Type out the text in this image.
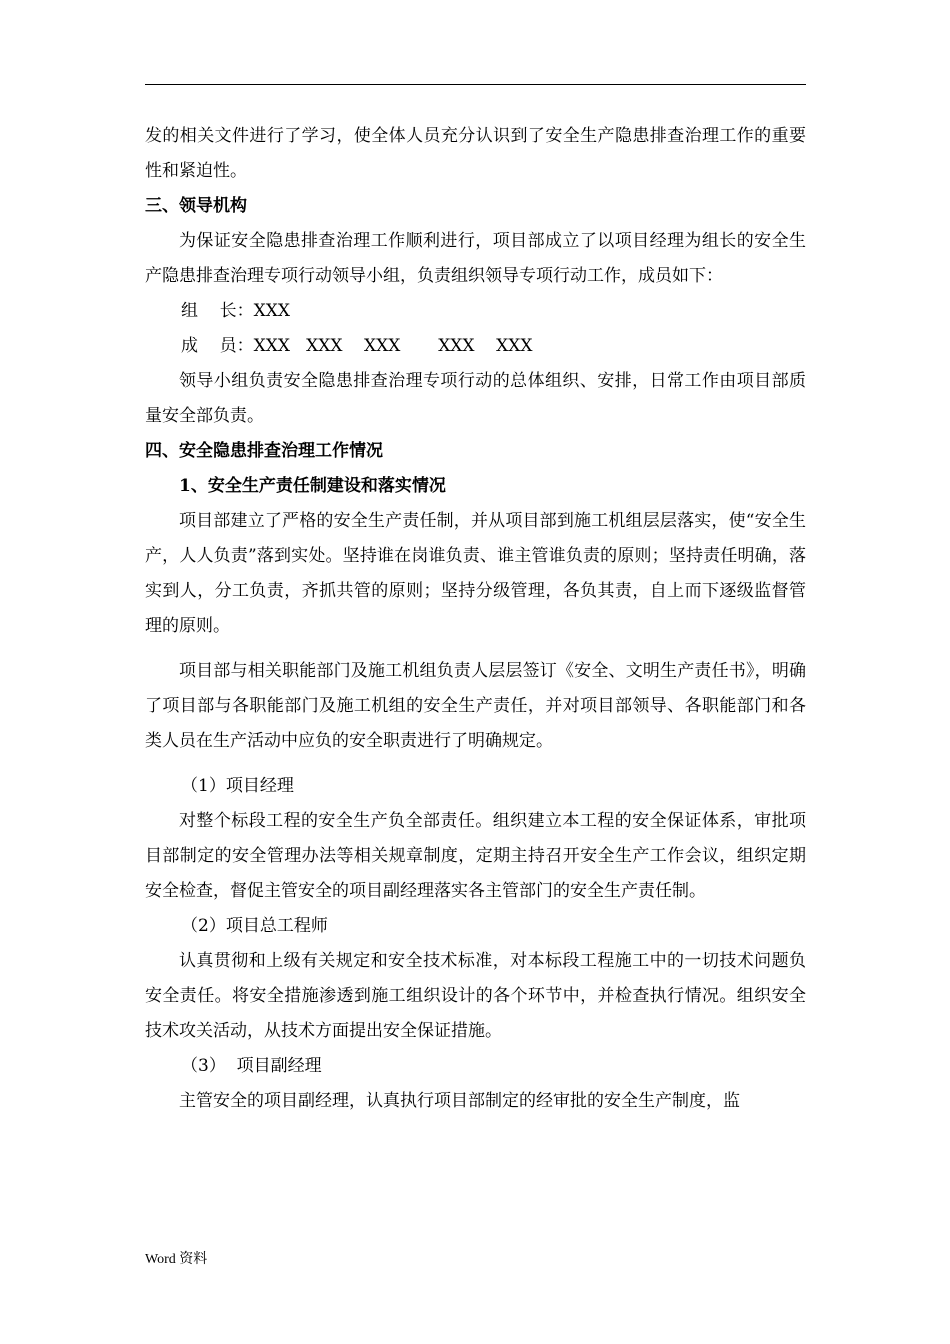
发的相关文件进行了学习，使全体人员充分认识到了安全生产隐患排查治理工作的重要性和紧迫性。

三、领导机构

为保证安全隐患排查治理工作顺利进行，项目部成立了以项目经理为组长的安全生产隐患排查治理专项行动领导小组，负责组织领导专项行动工作，成员如下：

组    长：XXX

成    员：XXX   XXX    XXX       XXX    XXX

领导小组负责安全隐患排查治理专项行动的总体组织、安排，日常工作由项目部质量安全部负责。

四、安全隐患排查治理工作情况

1、安全生产责任制建设和落实情况

项目部建立了严格的安全生产责任制，并从项目部到施工机组层层落实，使“安全生产，人人负责”落到实处。坚持谁在岗谁负责、谁主管谁负责的原则；坚持责任明确，落实到人，分工负责，齐抓共管的原则；坚持分级管理，各负其责，自上而下逐级监督管理的原则。

项目部与相关职能部门及施工机组负责人层层签订《安全、文明生产责任书》，明确了项目部与各职能部门及施工机组的安全生产责任，并对项目部领导、各职能部门和各类人员在生产活动中应负的安全职责进行了明确规定。

（1）项目经理

对整个标段工程的安全生产负全部责任。组织建立本工程的安全保证体系，审批项目部制定的安全管理办法等相关规章制度，定期主持召开安全生产工作会议，组织定期安全检查，督促主管安全的项目副经理落实各主管部门的安全生产责任制。

（2）项目总工程师

认真贯彻和上级有关规定和安全技术标准，对本标段工程施工中的一切技术问题负安全责任。将安全措施渗透到施工组织设计的各个环节中，并检查执行情况。组织安全技术攻关活动，从技术方面提出安全保证措施。

（3）  项目副经理

主管安全的项目副经理，认真执行项目部制定的经审批的安全生产制度，监

Word 资料
